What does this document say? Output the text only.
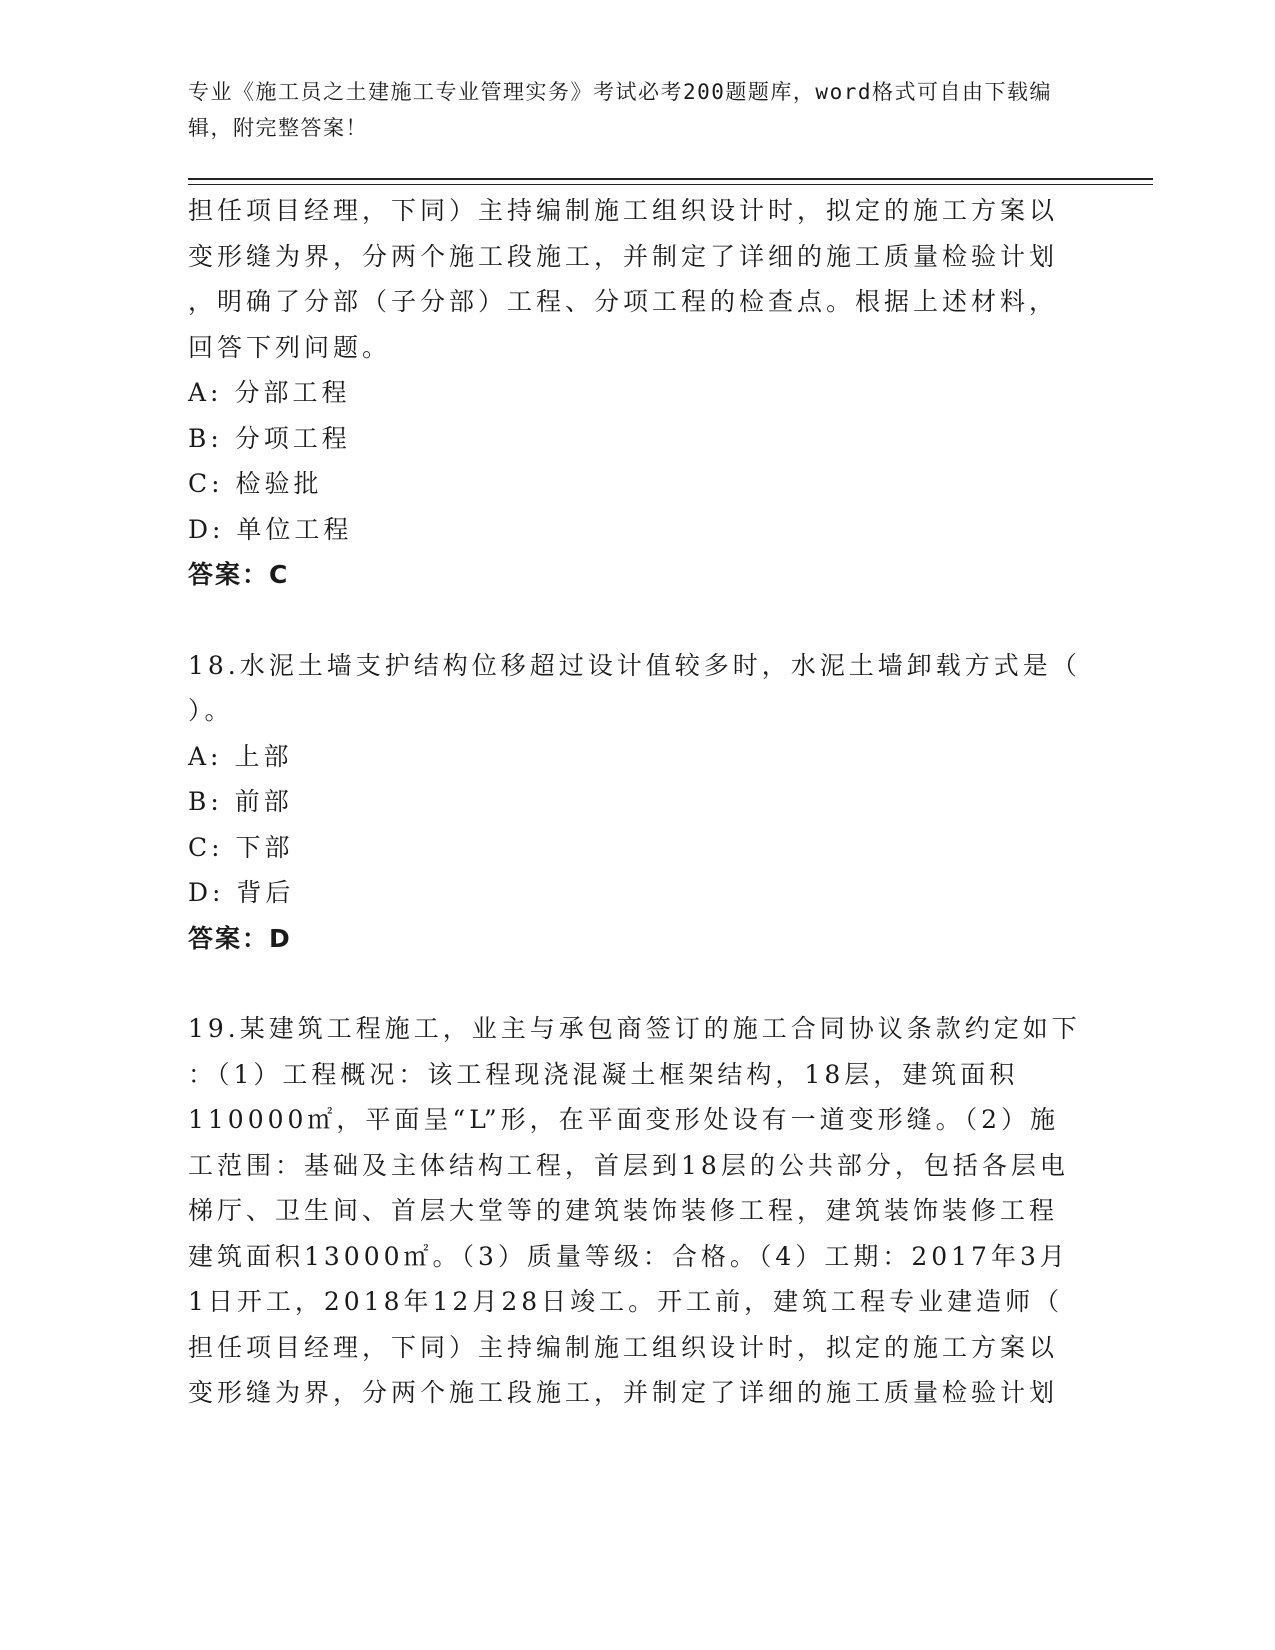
专业《施工员之土建施工专业管理实务》考试必考200题题库，word格式可自由下载编辑，附完整答案！

担任项目经理，下同）主持编制施工组织设计时，拟定的施工方案以

变形缝为界，分两个施工段施工，并制定了详细的施工质量检验计划

，明确了分部（子分部）工程、分项工程的检查点。根据上述材料，

回答下列问题。

A: 分部工程

B: 分项工程

C: 检验批

D: 单位工程

答案：C

18.水泥土墙支护结构位移超过设计值较多时，水泥土墙卸载方式是（

）。

A: 上部

B: 前部

C: 下部

D: 背后

答案：D

19.某建筑工程施工，业主与承包商签订的施工合同协议条款约定如下

：（1）工程概况：该工程现浇混凝土框架结构，18层，建筑面积

110000㎡，平面呈“L”形，在平面变形处设有一道变形缝。（2）施

工范围：基础及主体结构工程，首层到18层的公共部分，包括各层电

梯厅、卫生间、首层大堂等的建筑装饰装修工程，建筑装饰装修工程

建筑面积13000㎡。（3）质量等级：合格。（4）工期：2017年3月

1日开工，2018年12月28日竣工。开工前，建筑工程专业建造师（

担任项目经理，下同）主持编制施工组织设计时，拟定的施工方案以

变形缝为界，分两个施工段施工，并制定了详细的施工质量检验计划
